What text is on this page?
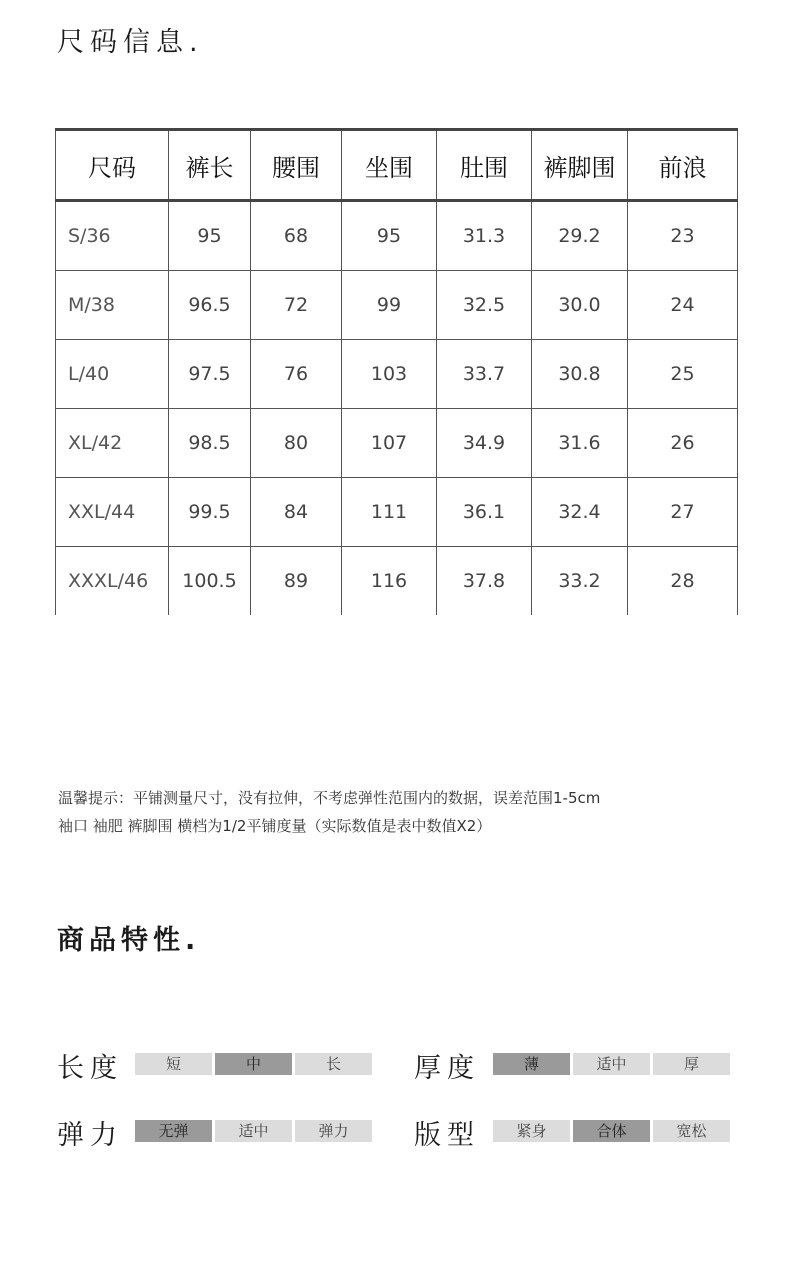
尺码信息.
尺码	裤长	腰围	坐围	肚围	裤脚围	前浪
S/36	95	68	95	31.3	29.2	23
M/38	96.5	72	99	32.5	30.0	24
L/40	97.5	76	103	33.7	30.8	25
XL/42	98.5	80	107	34.9	31.6	26
XXL/44	99.5	84	111	36.1	32.4	27
XXXL/46	100.5	89	116	37.8	33.2	28
温馨提示：平铺测量尺寸，没有拉伸，不考虑弹性范围内的数据，误差范围1-5cm
袖口 袖肥 裤脚围 横档为1/2平铺度量（实际数值是表中数值X2）
商品特性.
长度	短	中	长	厚度	薄	适中	厚
弹力	无弹	适中	弹力	版型	紧身	合体	宽松
